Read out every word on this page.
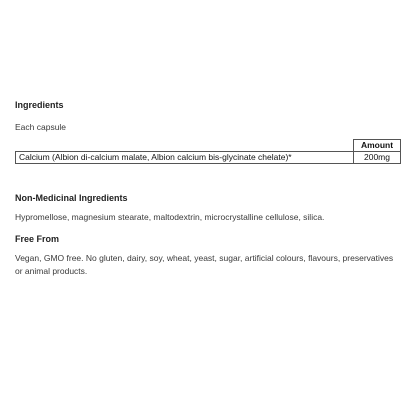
Ingredients

Each capsule

	Amount
Calcium (Albion di-calcium malate, Albion calcium bis-glycinate chelate)*	200mg
Non-Medicinal Ingredients

Hypromellose, magnesium stearate, maltodextrin, microcrystalline cellulose, silica.

Free From

Vegan, GMO free. No gluten, dairy, soy, wheat, yeast, sugar, artificial colours, flavours, preservatives or animal products.
